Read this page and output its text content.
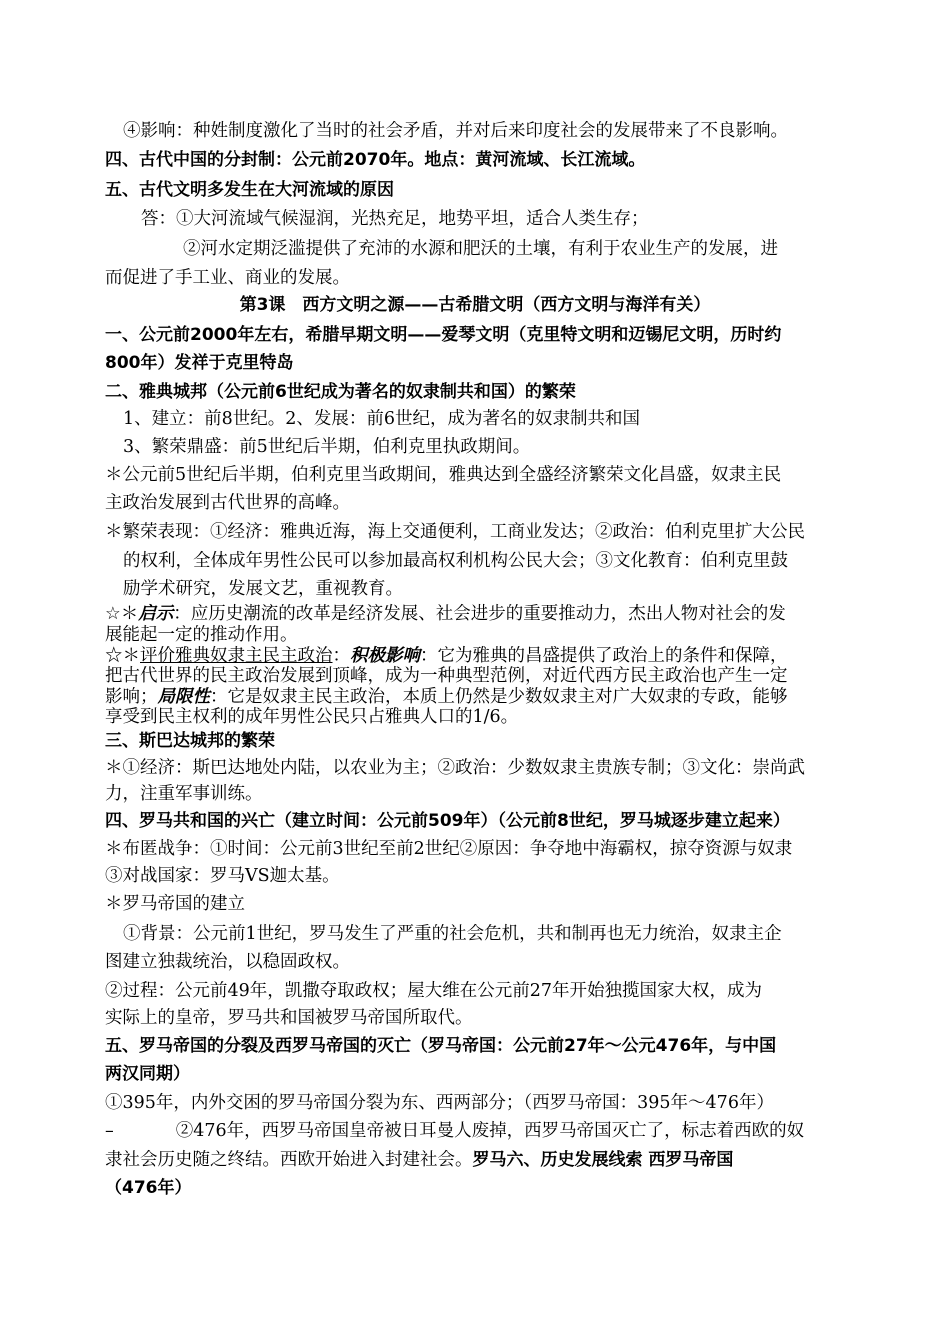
④影响：种姓制度激化了当时的社会矛盾，并对后来印度社会的发展带来了不良影响。
四、古代中国的分封制：公元前2070年。地点：黄河流域、长江流域。
五、古代文明多发生在大河流域的原因
答：①大河流域气候湿润，光热充足，地势平坦，适合人类生存；
②河水定期泛滥提供了充沛的水源和肥沃的土壤，有利于农业生产的发展，进
而促进了手工业、商业的发展。
第3课　西方文明之源——古希腊文明（西方文明与海洋有关）
一、公元前2000年左右，希腊早期文明——爱琴文明（克里特文明和迈锡尼文明，历时约
800年）发祥于克里特岛
二、雅典城邦（公元前6世纪成为著名的奴隶制共和国）的繁荣
1、建立：前8世纪。2、发展：前6世纪，成为著名的奴隶制共和国
3、繁荣鼎盛：前5世纪后半期，伯利克里执政期间。
＊公元前5世纪后半期，伯利克里当政期间，雅典达到全盛经济繁荣文化昌盛，奴隶主民
主政治发展到古代世界的高峰。
＊繁荣表现：①经济：雅典近海，海上交通便利，工商业发达；②政治：伯利克里扩大公民
的权利，全体成年男性公民可以参加最高权利机构公民大会；③文化教育：伯利克里鼓
励学术研究，发展文艺，重视教育。
☆＊启示：应历史潮流的改革是经济发展、社会进步的重要推动力，杰出人物对社会的发
展能起一定的推动作用。
☆＊评价雅典奴隶主民主政治：积极影响：它为雅典的昌盛提供了政治上的条件和保障，
把古代世界的民主政治发展到顶峰，成为一种典型范例，对近代西方民主政治也产生一定
影响；局限性：它是奴隶主民主政治，本质上仍然是少数奴隶主对广大奴隶的专政，能够
享受到民主权利的成年男性公民只占雅典人口的1/6。
三、斯巴达城邦的繁荣
＊①经济：斯巴达地处内陆，以农业为主；②政治：少数奴隶主贵族专制；③文化：崇尚武
力，注重军事训练。
四、罗马共和国的兴亡（建立时间：公元前509年）（公元前8世纪，罗马城逐步建立起来）
＊布匿战争：①时间：公元前3世纪至前2世纪②原因：争夺地中海霸权，掠夺资源与奴隶
③对战国家：罗马VS迦太基。
＊罗马帝国的建立
①背景：公元前1世纪，罗马发生了严重的社会危机，共和制再也无力统治，奴隶主企
图建立独裁统治，以稳固政权。
②过程：公元前49年，凯撒夺取政权；屋大维在公元前27年开始独揽国家大权，成为
实际上的皇帝，罗马共和国被罗马帝国所取代。
五、罗马帝国的分裂及西罗马帝国的灭亡（罗马帝国：公元前27年～公元476年，与中国
两汉同期）
①395年，内外交困的罗马帝国分裂为东、西两部分；（西罗马帝国：395年～476年）
–	②476年，西罗马帝国皇帝被日耳曼人废掉，西罗马帝国灭亡了，标志着西欧的奴
隶社会历史随之终结。西欧开始进入封建社会。罗马六、历史发展线索 西罗马帝国
（476年）
